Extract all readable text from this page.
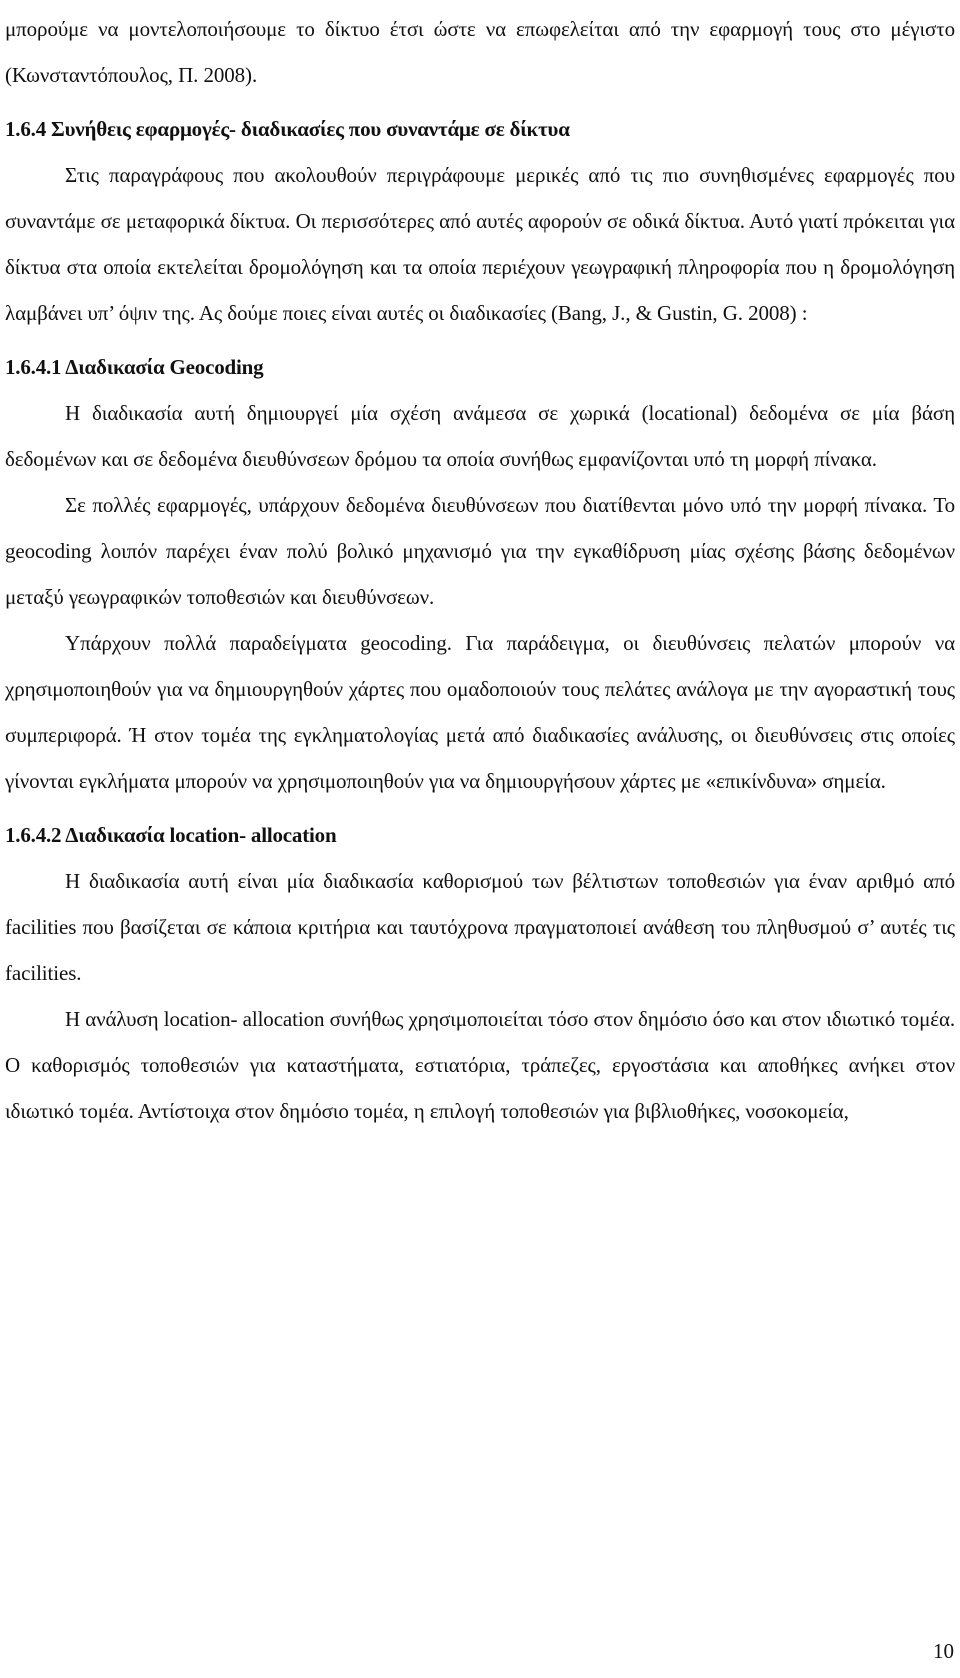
μπορούμε να μοντελοποιήσουμε το δίκτυο έτσι ώστε να επωφελείται από την εφαρμογή τους στο μέγιστο (Κωνσταντόπουλος, Π. 2008).

1.6.4 Συνήθεις εφαρμογές- διαδικασίες που συναντάμε σε δίκτυα

Στις παραγράφους που ακολουθούν περιγράφουμε μερικές από τις πιο συνηθισμένες εφαρμογές που συναντάμε σε μεταφορικά δίκτυα. Οι περισσότερες από αυτές αφορούν σε οδικά δίκτυα. Αυτό γιατί πρόκειται για δίκτυα στα οποία εκτελείται δρομολόγηση και τα οποία περιέχουν γεωγραφική πληροφορία που η δρομολόγηση λαμβάνει υπ’ όψιν της. Ας δούμε ποιες είναι αυτές οι διαδικασίες (Bang, J., & Gustin, G. 2008) :

1.6.4.1 Διαδικασία Geocoding

Η διαδικασία αυτή δημιουργεί μία σχέση ανάμεσα σε χωρικά (locational) δεδομένα σε μία βάση δεδομένων και σε δεδομένα διευθύνσεων δρόμου τα οποία συνήθως εμφανίζονται υπό τη μορφή πίνακα.

Σε πολλές εφαρμογές, υπάρχουν δεδομένα διευθύνσεων που διατίθενται μόνο υπό την μορφή πίνακα. Το geocoding λοιπόν παρέχει έναν πολύ βολικό μηχανισμό για την εγκαθίδρυση μίας σχέσης βάσης δεδομένων μεταξύ γεωγραφικών τοποθεσιών και διευθύνσεων.

Υπάρχουν πολλά παραδείγματα geocoding. Για παράδειγμα, οι διευθύνσεις πελατών μπορούν να χρησιμοποιηθούν για να δημιουργηθούν χάρτες που ομαδοποιούν τους πελάτες ανάλογα με την αγοραστική τους συμπεριφορά. Ή στον τομέα της εγκληματολογίας μετά από διαδικασίες ανάλυσης, οι διευθύνσεις στις οποίες γίνονται εγκλήματα μπορούν να χρησιμοποιηθούν για να δημιουργήσουν χάρτες με «επικίνδυνα» σημεία.

1.6.4.2 Διαδικασία location- allocation

Η διαδικασία αυτή είναι μία διαδικασία καθορισμού των βέλτιστων τοποθεσιών για έναν αριθμό από facilities που βασίζεται σε κάποια κριτήρια και ταυτόχρονα πραγματοποιεί ανάθεση του πληθυσμού σ’ αυτές τις facilities.

Η ανάλυση location- allocation συνήθως χρησιμοποιείται τόσο στον δημόσιο όσο και στον ιδιωτικό τομέα. Ο καθορισμός τοποθεσιών για καταστήματα, εστιατόρια, τράπεζες, εργοστάσια και αποθήκες ανήκει στον ιδιωτικό τομέα. Αντίστοιχα στον δημόσιο τομέα, η επιλογή τοποθεσιών για βιβλιοθήκες, νοσοκομεία,

10
